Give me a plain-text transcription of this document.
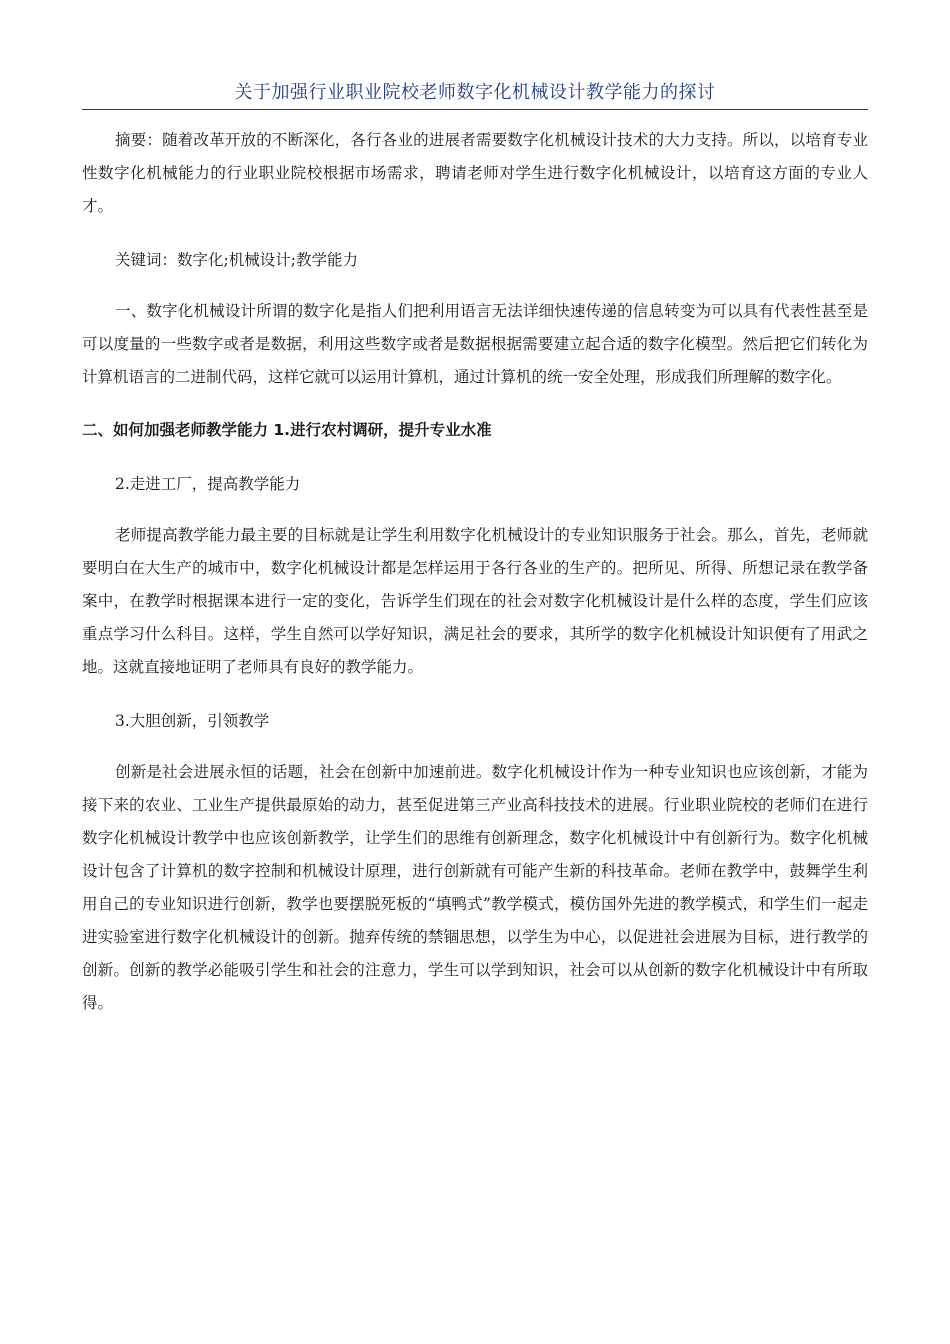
关于加强行业职业院校老师数字化机械设计教学能力的探讨

摘要：随着改革开放的不断深化，各行各业的进展者需要数字化机械设计技术的大力支持。所以，以培育专业性数字化机械能力的行业职业院校根据市场需求，聘请老师对学生进行数字化机械设计，以培育这方面的专业人才。

关键词：数字化;机械设计;教学能力

一、数字化机械设计所谓的数字化是指人们把利用语言无法详细快速传递的信息转变为可以具有代表性甚至是可以度量的一些数字或者是数据，利用这些数字或者是数据根据需要建立起合适的数字化模型。然后把它们转化为计算机语言的二进制代码，这样它就可以运用计算机，通过计算机的统一安全处理，形成我们所理解的数字化。

二、如何加强老师教学能力 1.进行农村调研，提升专业水准

2.走进工厂，提高教学能力

老师提高教学能力最主要的目标就是让学生利用数字化机械设计的专业知识服务于社会。那么，首先，老师就要明白在大生产的城市中，数字化机械设计都是怎样运用于各行各业的生产的。把所见、所得、所想记录在教学备案中，在教学时根据课本进行一定的变化，告诉学生们现在的社会对数字化机械设计是什么样的态度，学生们应该重点学习什么科目。这样，学生自然可以学好知识，满足社会的要求，其所学的数字化机械设计知识便有了用武之地。这就直接地证明了老师具有良好的教学能力。

3.大胆创新，引领教学

创新是社会进展永恒的话题，社会在创新中加速前进。数字化机械设计作为一种专业知识也应该创新，才能为接下来的农业、工业生产提供最原始的动力，甚至促进第三产业高科技技术的进展。行业职业院校的老师们在进行数字化机械设计教学中也应该创新教学，让学生们的思维有创新理念，数字化机械设计中有创新行为。数字化机械设计包含了计算机的数字控制和机械设计原理，进行创新就有可能产生新的科技革命。老师在教学中，鼓舞学生利用自己的专业知识进行创新，教学也要摆脱死板的“填鸭式”教学模式，模仿国外先进的教学模式，和学生们一起走进实验室进行数字化机械设计的创新。抛弃传统的禁锢思想，以学生为中心，以促进社会进展为目标，进行教学的创新。创新的教学必能吸引学生和社会的注意力，学生可以学到知识，社会可以从创新的数字化机械设计中有所取得。
